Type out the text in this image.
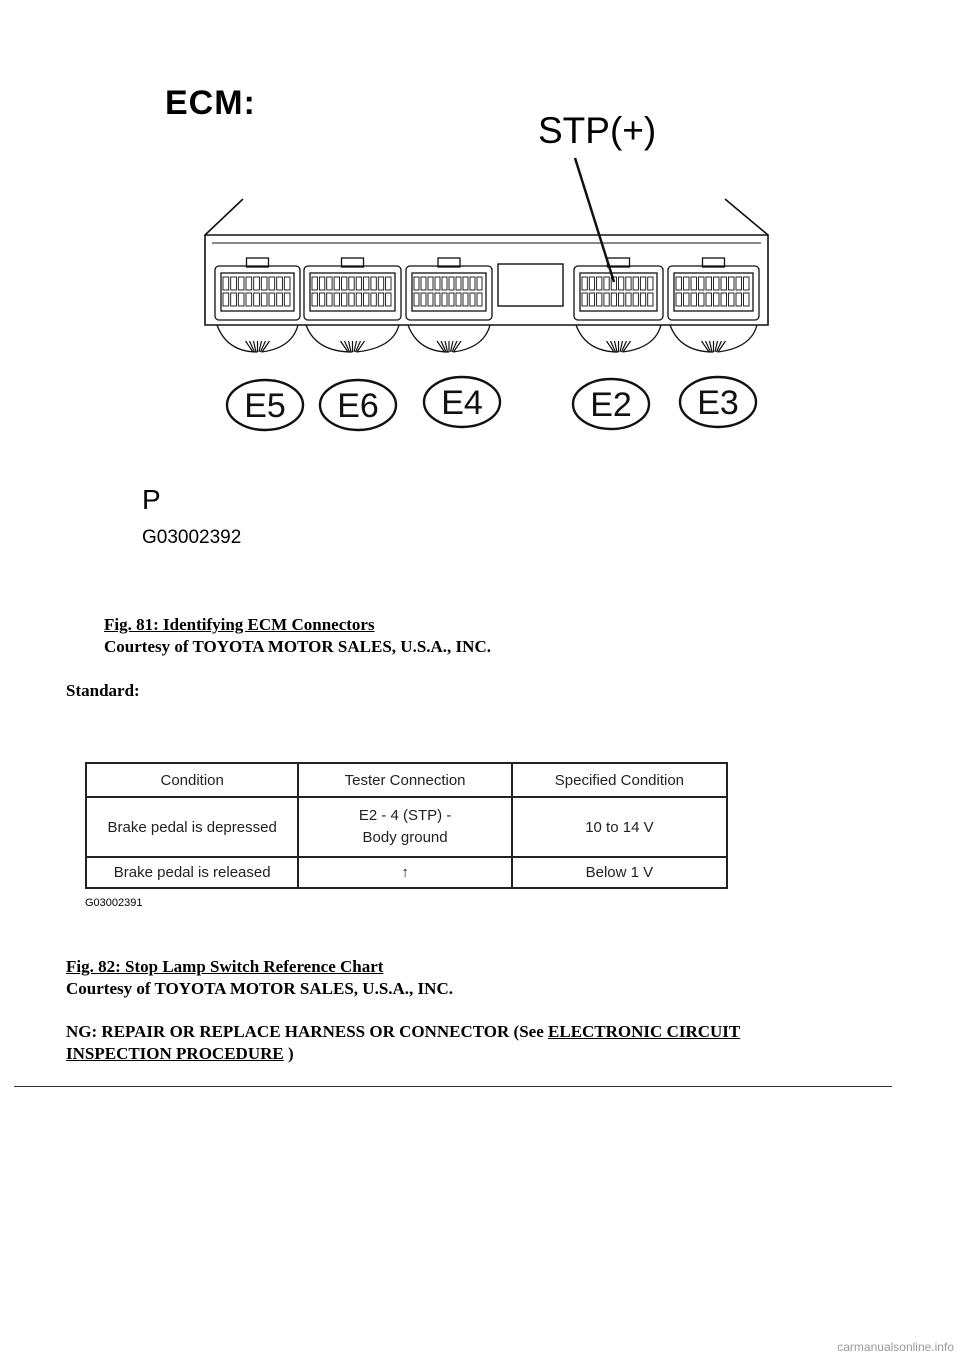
ECM:
STP(+)
E5 E6 E4	E2 E3
P
G03002392
Fig. 81: Identifying ECM Connectors
Courtesy of TOYOTA MOTOR SALES, U.S.A., INC.
Standard:
Condition	Tester Connection	Specified Condition
Brake pedal is depressed	E2 - 4 (STP) -
Body ground	10 to 14 V
Brake pedal is released	↑	Below 1 V
G03002391
Fig. 82: Stop Lamp Switch Reference Chart
Courtesy of TOYOTA MOTOR SALES, U.S.A., INC.
NG: REPAIR OR REPLACE HARNESS OR CONNECTOR (See ELECTRONIC CIRCUIT
INSPECTION PROCEDURE )
carmanualsonline.info
